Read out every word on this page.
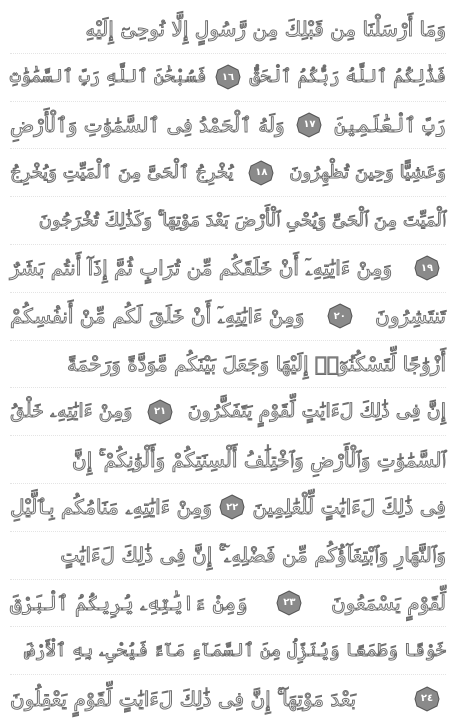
وَمَا أَرْسَلْنَا مِن قَبْلِكَ مِن رَّسُولٍ إِلَّا نُوحِىٓ إِلَيْهِ
فَذَٰلِكُمُ ٱللَّهُ رَبُّكُمُ ٱلْحَقُّ
١٦
فَسُبْحَٰنَ ٱللَّهِ رَبِّ ٱلسَّمَٰوَٰتِ
رَبِّ ٱلْعَٰلَمِينَ
١٧
وَلَهُ ٱلْحَمْدُ فِى ٱلسَّمَٰوَٰتِ وَٱلْأَرْضِ
وَعَشِيًّا وَحِينَ تُظْهِرُونَ
١٨
يُخْرِجُ ٱلْحَىَّ مِنَ ٱلْمَيِّتِ وَيُخْرِجُ
ٱلْمَيِّتَ مِنَ ٱلْحَىِّ وَيُحْىِ ٱلْأَرْضَ بَعْدَ مَوْتِهَا ۚ وَكَذَٰلِكَ تُخْرَجُونَ
١٩
وَمِنْ ءَايَٰتِهِۦٓ أَنْ خَلَقَكُم مِّن تُرَابٍ ثُمَّ إِذَآ أَنتُم بَشَرٌ
تَنتَشِرُونَ
٢٠
وَمِنْ ءَايَٰتِهِۦٓ أَنْ خَلَقَ لَكُم مِّنْ أَنفُسِكُمْ
أَزْوَٰجًا لِّتَسْكُنُوٓا۟ إِلَيْهَا وَجَعَلَ بَيْنَكُم مَّوَدَّةً وَرَحْمَةً
إِنَّ فِى ذَٰلِكَ لَءَايَٰتٍ لِّقَوْمٍ يَتَفَكَّرُونَ
٢١
وَمِنْ ءَايَٰتِهِۦ خَلْقُ
ٱلسَّمَٰوَٰتِ وَٱلْأَرْضِ وَٱخْتِلَٰفُ أَلْسِنَتِكُمْ وَأَلْوَٰنِكُمْ ۚ إِنَّ
فِى ذَٰلِكَ لَءَايَٰتٍ لِّلْعَٰلِمِينَ
٢٢
وَمِنْ ءَايَٰتِهِۦ مَنَامُكُم بِٱلَّيْلِ
وَٱلنَّهَارِ وَٱبْتِغَآؤُكُم مِّن فَضْلِهِۦٓ ۚ إِنَّ فِى ذَٰلِكَ لَءَايَٰتٍ
لِّقَوْمٍ يَسْمَعُونَ
٢٣
وَمِنْ ءَايَٰتِهِۦ يُرِيكُمُ ٱلْبَرْقَ
خَوْفًا وَطَمَعًا وَيُنَزِّلُ مِنَ ٱلسَّمَآءِ مَآءً فَيُحْىِۦ بِهِ ٱلْأَرْضَ
٢٤
بَعْدَ مَوْتِهَآ ۚ إِنَّ فِى ذَٰلِكَ لَءَايَٰتٍ لِّقَوْمٍ يَعْقِلُونَ
